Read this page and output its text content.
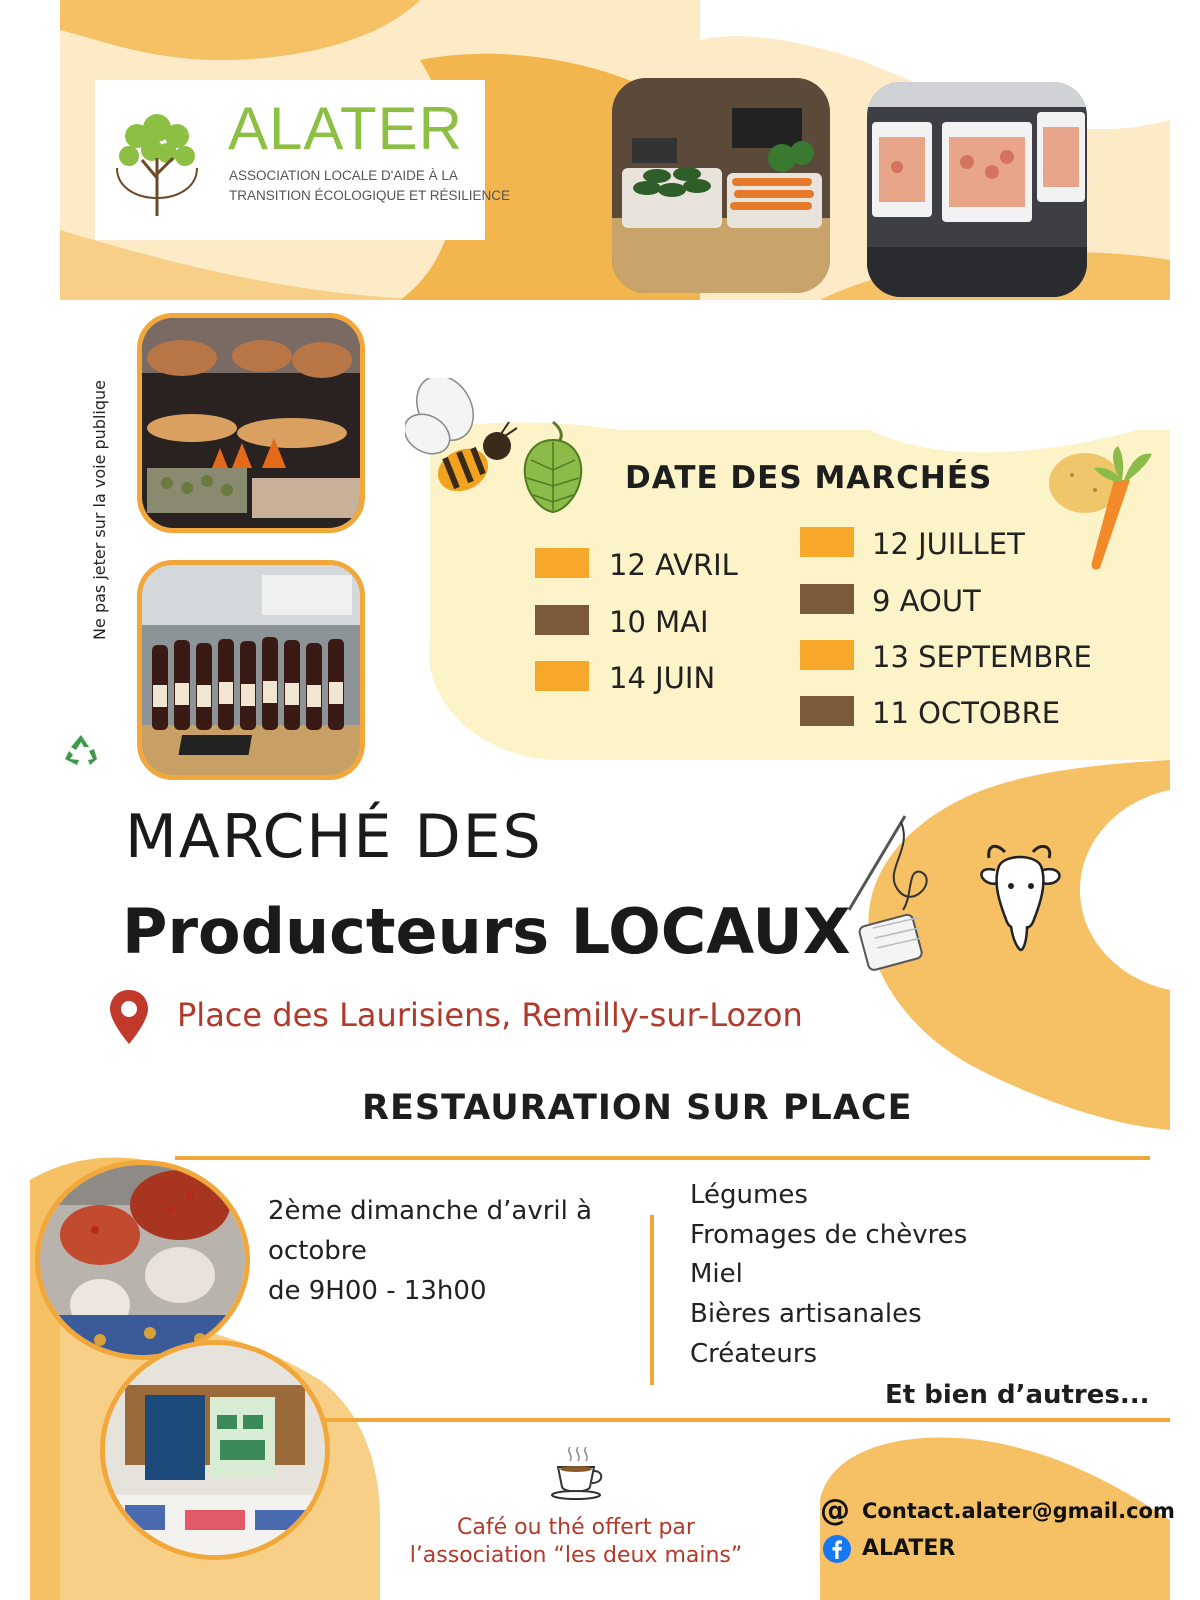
ALATER
ASSOCIATION LOCALE D'AIDE À LA
TRANSITION ÉCOLOGIQUE ET RÉSILIENCE
Ne pas jeter sur la voie publique	DATE DES MARCHÉS
12 AVRIL
10 MAI
14 JUIN
12 JUILLET
9 AOUT
13 SEPTEMBRE
11 OCTOBRE
MARCHÉ DES
Producteurs LOCAUX
Place des Laurisiens, Remilly-sur-Lozon
RESTAURATION SUR PLACE
2ème dimanche d’avril à
octobre
de 9H00 - 13h00
Légumes
Fromages de chèvres
Miel
Bières artisanales
Créateurs
Et bien d’autres...
Café ou thé offert par
l’association “les deux mains”
@ Contact.alater@gmail.com
ALATER
